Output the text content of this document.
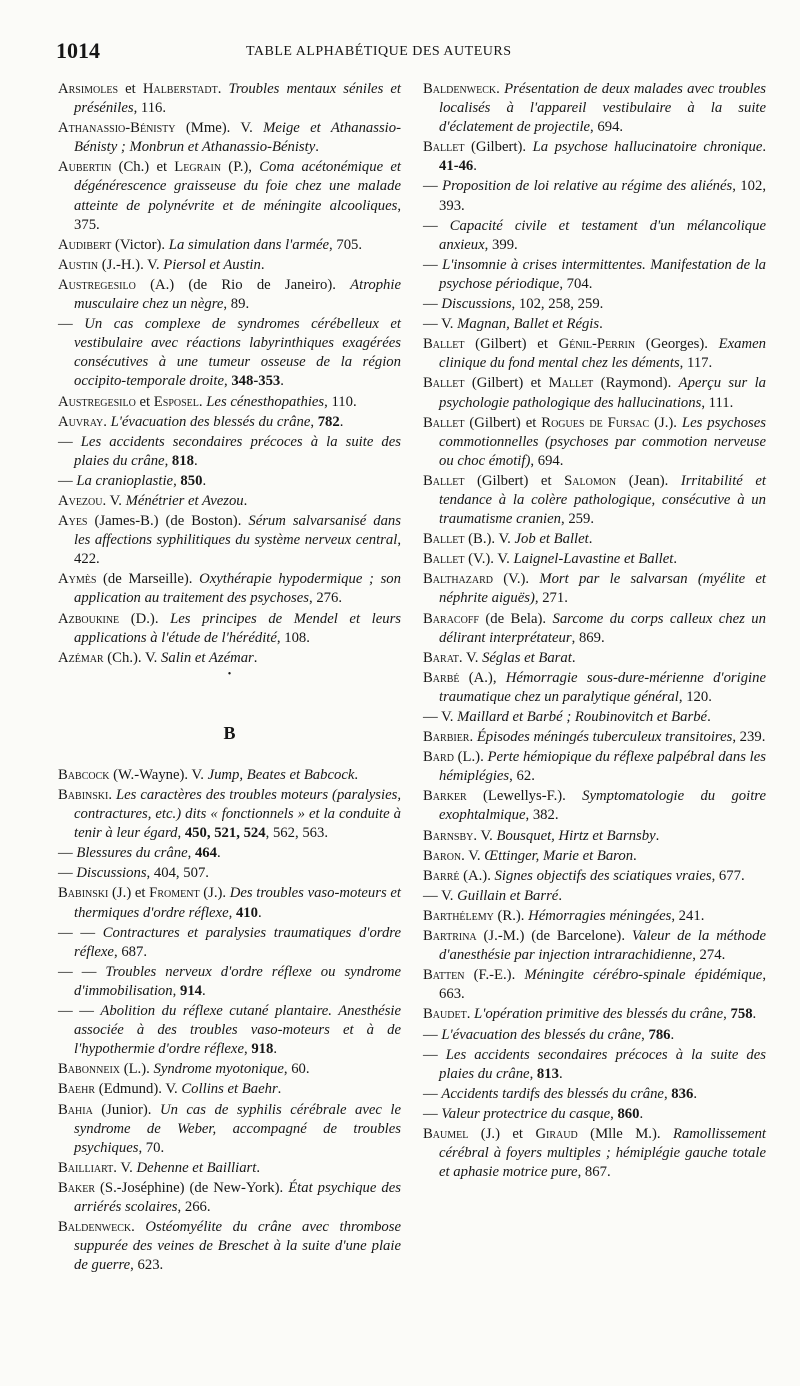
1014	TABLE ALPHABÉTIQUE DES AUTEURS
Arsimoles et Halberstadt. Troubles mentaux séniles et préséniles, 116.
Athanassio-Bénisty (Mme). V. Meige et Athanassio-Bénisty ; Monbrun et Athanassio-Bénisty.
Aubertin (Ch.) et Legrain (P.), Coma acétonémique et dégénérescence graisseuse du foie chez une malade atteinte de polynévrite et de méningite alcooliques, 375.
Audibert (Victor). La simulation dans l'armée, 705.
Austin (J.-H.). V. Piersol et Austin.
Austregesilo (A.) (de Rio de Janeiro). Atrophie musculaire chez un nègre, 89.
— Un cas complexe de syndromes cérébelleux et vestibulaire avec réactions labyrinthiques exagérées consécutives à une tumeur osseuse de la région occipito-temporale droite, 348-353.
Austregesilo et Esposel. Les cénesthopathies, 110.
Auvray. L'évacuation des blessés du crâne, 782.
— Les accidents secondaires précoces à la suite des plaies du crâne, 818.
— La cranioplastie, 850.
Avezou. V. Ménétrier et Avezou.
Ayes (James-B.) (de Boston). Sérum salvarsanisé dans les affections syphilitiques du système nerveux central, 422.
Aymès (de Marseille). Oxythérapie hypodermique ; son application au traitement des psychoses, 276.
Azbouкine (D.). Les principes de Mendel et leurs applications à l'étude de l'hérédité, 108.
Azémar (Ch.). V. Salin et Azémar.
•
B
Babcock (W.-Wayne). V. Jump, Beates et Babcock.
Babinski. Les caractères des troubles moteurs (paralysies, contractures, etc.) dits « fonctionnels » et la conduite à tenir à leur égard, 450, 521, 524, 562, 563.
— Blessures du crâne, 464.
— Discussions, 404, 507.
Babinski (J.) et Froment (J.). Des troubles vaso-moteurs et thermiques d'ordre réflexe, 410.
— — Contractures et paralysies traumatiques d'ordre réflexe, 687.
— — Troubles nerveux d'ordre réflexe ou syndrome d'immobilisation, 914.
— — Abolition du réflexe cutané plantaire. Anesthésie associée à des troubles vaso-moteurs et à de l'hypothermie d'ordre réflexe, 918.
Babonneix (L.). Syndrome myotonique, 60.
Baehr (Edmund). V. Collins et Baehr.
Bahia (Junior). Un cas de syphilis cérébrale avec le syndrome de Weber, accompagné de troubles psychiques, 70.
Bailliart. V. Dehenne et Bailliart.
Baker (S.-Joséphine) (de New-York). État psychique des arriérés scolaires, 266.
Baldenweck. Ostéomyélite du crâne avec thrombose suppurée des veines de Breschet à la suite d'une plaie de guerre, 623.
Baldenweck. Présentation de deux malades avec troubles localisés à l'appareil vestibulaire à la suite d'éclatement de projectile, 694.
Ballet (Gilbert). La psychose hallucinatoire chronique. 41-46.
— Proposition de loi relative au régime des aliénés, 102, 393.
— Capacité civile et testament d'un mélancolique anxieux, 399.
— L'insomnie à crises intermittentes. Manifestation de la psychose périodique, 704.
— Discussions, 102, 258, 259.
— V. Magnan, Ballet et Régis.
Ballet (Gilbert) et Génil-Perrin (Georges). Examen clinique du fond mental chez les déments, 117.
Ballet (Gilbert) et Mallet (Raymond). Aperçu sur la psychologie pathologique des hallucinations, 111.
Ballet (Gilbert) et Rogues de Fursac (J.). Les psychoses commotionnelles (psychoses par commotion nerveuse ou choc émotif), 694.
Ballet (Gilbert) et Salomon (Jean). Irritabilité et tendance à la colère pathologique, consécutive à un traumatisme cranien, 259.
Ballet (B.). V. Job et Ballet.
Ballet (V.). V. Laignel-Lavastine et Ballet.
Balthazard (V.). Mort par le salvarsan (myélite et néphrite aiguës), 271.
Baracoff (de Bela). Sarcome du corps calleux chez un délirant interprétateur, 869.
Barat. V. Séglas et Barat.
Barbé (A.), Hémorragie sous-dure-mérienne d'origine traumatique chez un paralytique général, 120.
— V. Maillard et Barbé ; Roubinovitch et Barbé.
Barbier. Épisodes méningés tuberculeux transitoires, 239.
Bard (L.). Perte hémiopique du réflexe palpébral dans les hémiplégies, 62.
Barker (Lewellys-F.). Symptomatologie du goitre exophtalmique, 382.
Barnsby. V. Bousquet, Hirtz et Barnsby.
Baron. V. Œttinger, Marie et Baron.
Barré (A.). Signes objectifs des sciatiques vraies, 677.
— V. Guillain et Barré.
Barthélemy (R.). Hémorragies méningées, 241.
Bartrina (J.-M.) (de Barcelone). Valeur de la méthode d'anesthésie par injection intrarachidienne, 274.
Batten (F.-E.). Méningite cérébro-spinale épidémique, 663.
Baudet. L'opération primitive des blessés du crâne, 758.
— L'évacuation des blessés du crâne, 786.
— Les accidents secondaires précoces à la suite des plaies du crâne, 813.
— Accidents tardifs des blessés du crâne, 836.
— Valeur protectrice du casque, 860.
Baumel (J.) et Giraud (Mlle M.). Ramollissement cérébral à foyers multiples ; hémiplégie gauche totale et aphasie motrice pure, 867.
